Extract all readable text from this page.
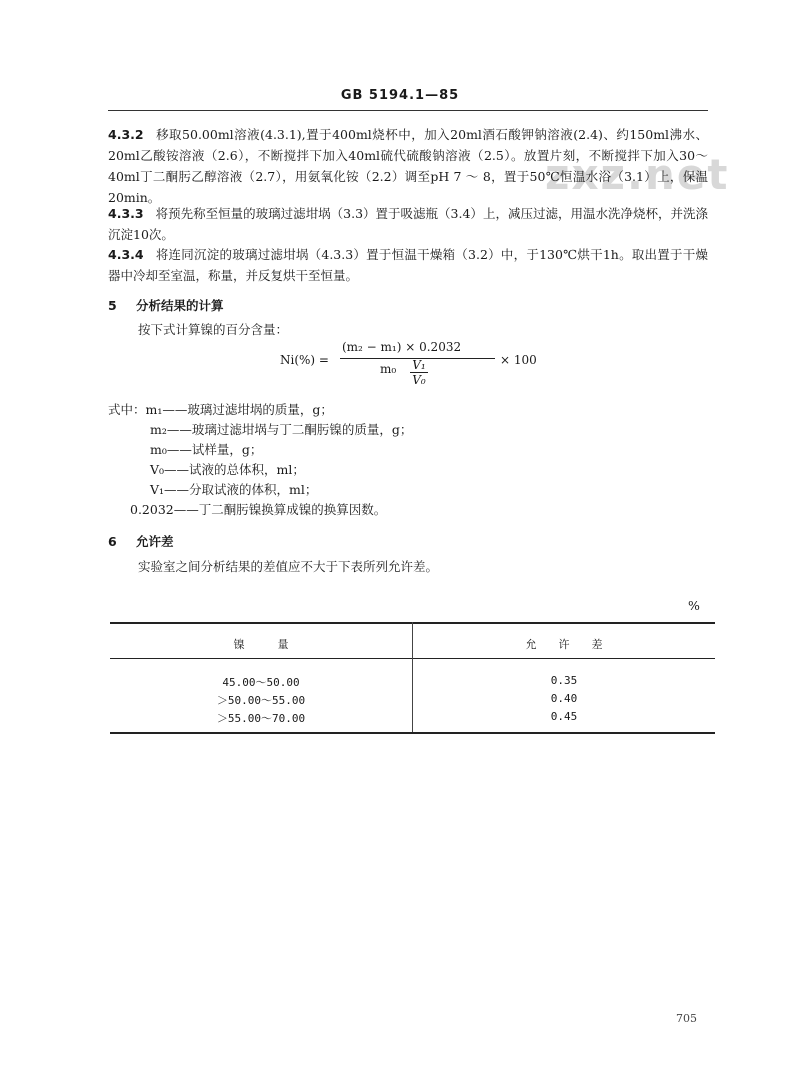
zxz.net
GB 5194.1—85
4.3.2 移取50.00ml溶液(4.3.1),置于400ml烧杯中，加入20ml酒石酸钾钠溶液(2.4)、约150ml沸水、20ml乙酸铵溶液（2.6），不断搅拌下加入40ml硫代硫酸钠溶液（2.5）。放置片刻，不断搅拌下加入30～40ml丁二酮肟乙醇溶液（2.7），用氨氧化铵（2.2）调至pH 7 ～ 8，置于50℃恒温水浴（3.1）上，保温20min。
4.3.3 将预先称至恒量的玻璃过滤坩埚（3.3）置于吸滤瓶（3.4）上，减压过滤，用温水洗净烧杯，并洗涤沉淀10次。
4.3.4 将连同沉淀的玻璃过滤坩埚（4.3.3）置于恒温干燥箱（3.2）中，于130℃烘干1h。取出置于干燥器中冷却至室温，称量，并反复烘干至恒量。
5 分析结果的计算
按下式计算镍的百分含量：
Ni(%) =
(m₂ − m₁) × 0.2032
$m_0 \frac{\text{V₁}}{\text{V₀}}$	× 100
式中：m₁——玻璃过滤坩埚的质量，g；
m₂——玻璃过滤坩埚与丁二酮肟镍的质量，g；
m₀——试样量，g；
V₀——试液的总体积，ml；
V₁——分取试液的体积，ml；
0.2032——丁二酮肟镍换算成镍的换算因数。
6 允许差
实验室之间分析结果的差值应不大于下表所列允许差。
%
镍　　　量	允　　许　　差
45.00～50.00	0.35
＞50.00～55.00	0.40
＞55.00～70.00	0.45
705
